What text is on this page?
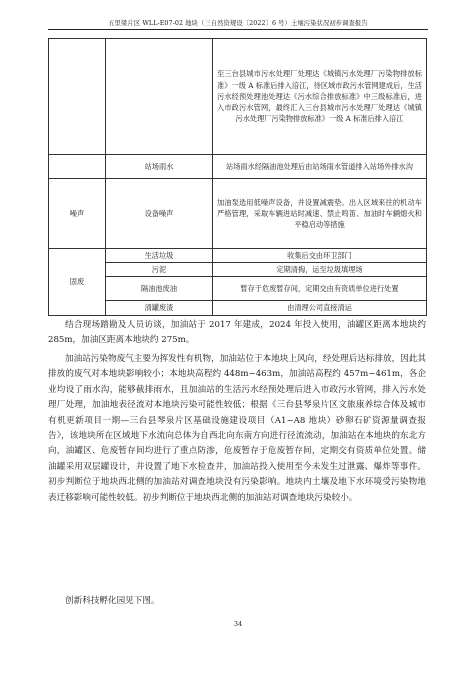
五里梁片区 WLL-E07-02 地块（三自然资规设〔2022〕6 号）土壤污染状况初步调查报告
		至三台县城市污水处理厂处理达《城镇污水处理厂污染物排放标准》一级 A 标准后排入涪江，待区域市政污水管网建成后，生活污水经预处理池处理达《污水综合排放标准》中三级标准后，进入市政污水管网，最终汇入三台县城市污水处理厂处理达《城镇污水处理厂污染物排放标准》一级 A 标准后排入涪江
	站场雨水	站场雨水经隔油池处理后由站场雨水管道排入站场外排水沟
噪声	设备噪声	加油泵选用低噪声设备，并设置减震垫。出入区域来往的机动车严格管理，采取车辆进站时减速、禁止鸣笛、加油时车辆熄火和平稳启动等措施
固废	生活垃圾	收集后交由环卫部门
	污泥	定期清掏，运至垃圾填埋场
	隔油池废油	暂存于危废暂存间，定期交由有资质单位进行处置
	清罐废渣	由清理公司直接清运

结合现场踏勘及人员访谈，加油站于 2017 年建成，2024 年投入使用，油罐区距离本地块约 285m，加油区距离本地块约 275m。

加油站污染物废气主要为挥发性有机物，加油站位于本地块上风向，经处理后达标排放，因此其排放的废气对本地块影响较小；本地块高程约 448m~463m，加油站高程约 457m~461m，各企业均设了雨水沟，能够截排雨水，且加油站的生活污水经预处理后进入市政污水管网，排入污水处理厂处理，加油地表径流对本地块污染可能性较低；根据《三台县琴泉片区文旅康养综合体及城市有机更新项目一期—三台县琴泉片区基础设施建设项目（A1~A8 地块）砂卵石矿资源量调查报告》，该地块所在区域地下水流向总体为自西北向东南方向进行径流流动，加油站在本地块的东北方向，油罐区、危废暂存间均进行了重点防渗，危废暂存于危废暂存间，定期交有资质单位处置。储油罐采用双层罐设计，并设置了地下水检查井，加油站投入使用至今未发生过泄露、爆炸等事件。初步判断位于地块西北侧的加油站对调查地块没有污染影响。地块内土壤及地下水环境受污染物地表迁移影响可能性较低。初步判断位于地块西北侧的加油站对调查地块污染较小。

创新科技孵化园见下图。

34
